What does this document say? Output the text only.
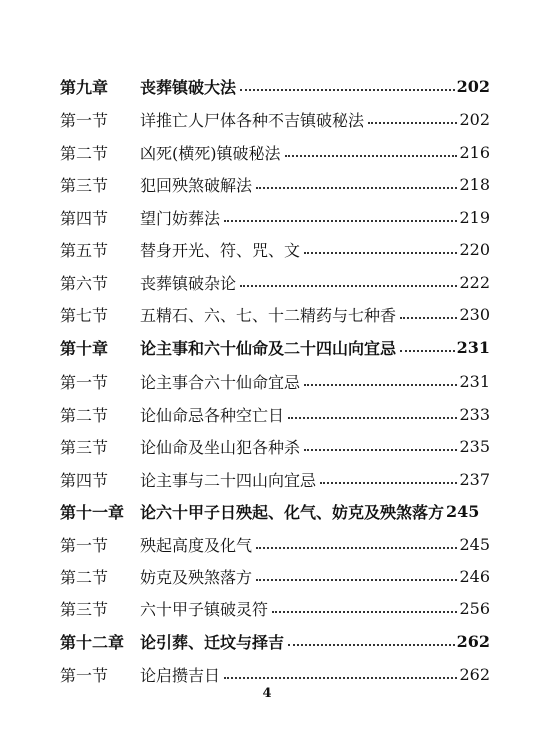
第九章	丧葬镇破大法	202
第一节	详推亡人尸体各种不吉镇破秘法	202
第二节	凶死(横死)镇破秘法	216
第三节	犯回殃煞破解法	218
第四节	望门妨葬法	219
第五节	替身开光、符、咒、文	220
第六节	丧葬镇破杂论	222
第七节	五精石、六、七、十二精药与七种香	230
第十章	论主事和六十仙命及二十四山向宜忌	231
第一节	论主事合六十仙命宜忌	231
第二节	论仙命忌各种空亡日	233
第三节	论仙命及坐山犯各种杀	235
第四节	论主事与二十四山向宜忌	237
第十一章 论六十甲子日殃起、化气、妨克及殃煞落方 245
第一节	殃起高度及化气	245
第二节	妨克及殃煞落方	246
第三节	六十甲子镇破灵符	256
第十二章 论引葬、迁坟与择吉	262
第一节	论启攒吉日	262
4
